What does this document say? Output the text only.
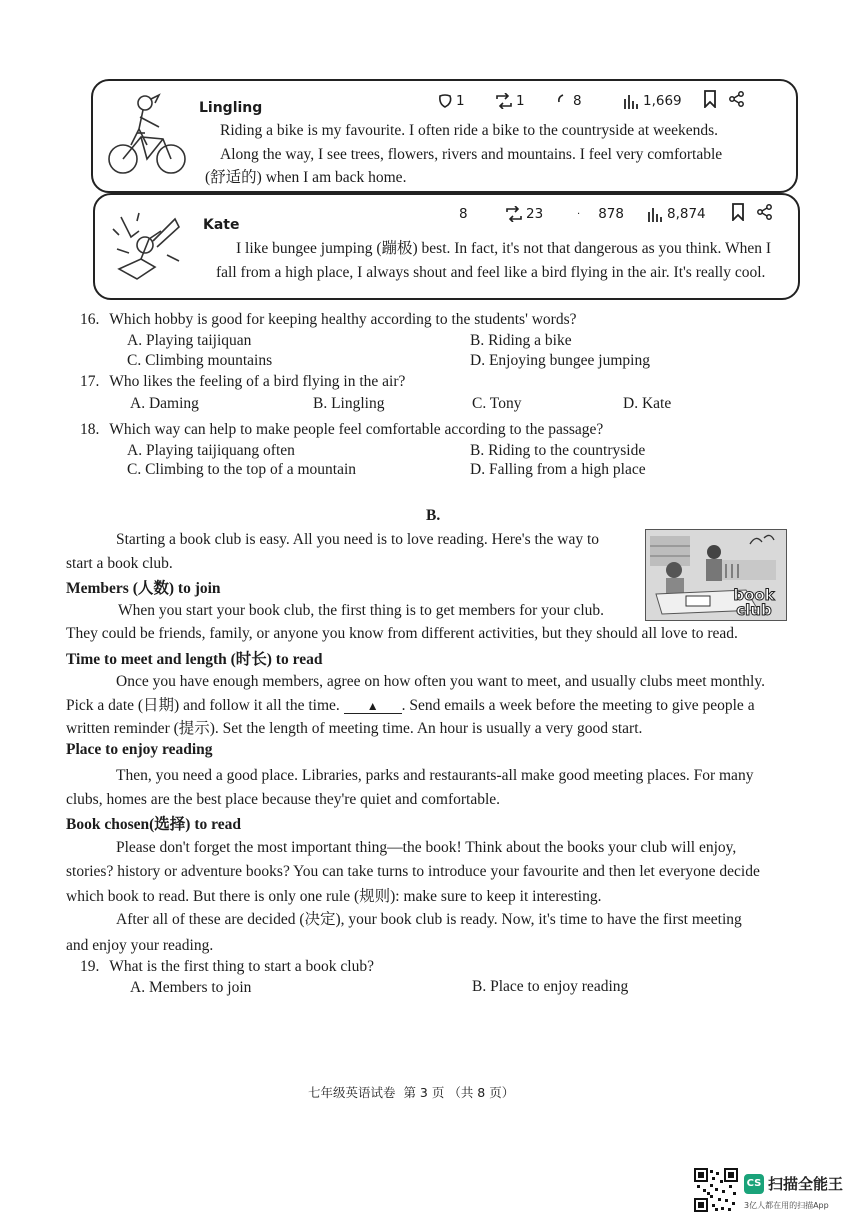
Lingling	1	1	8	1,669
Riding a bike is my favourite. I often ride a bike to the countryside at weekends.
Along the way, I see trees, flowers, rivers and mountains. I feel very comfortable
(舒适的) when I am back home.
Kate
8	23	· 878	8,874
I like bungee jumping (蹦极) best. In fact, it's not that dangerous as you think. When I
fall from a high place, I always shout and feel like a bird flying in the air. It's really cool.
16. Which hobby is good for keeping healthy according to the students' words?
A. Playing taijiquan	B. Riding a bike
C. Climbing mountains	D. Enjoying bungee jumping
17. Who likes the feeling of a bird flying in the air?
A. Daming	B. Lingling	C. Tony	D. Kate
18. Which way can help to make people feel comfortable according to the passage?
A. Playing taijiquang often	B. Riding to the countryside
C. Climbing to the top of a mountain	D. Falling from a high place
B.
Starting a book club is easy. All you need is to love reading. Here's the way to
start a book club.
book club
Members (人数) to join
When you start your book club, the first thing is to get members for your club.
They could be friends, family, or anyone you know from different activities, but they should all love to read.
Time to meet and length (时长) to read
Once you have enough members, agree on how often you want to meet, and usually clubs meet monthly.
Pick a date (日期) and follow it all the time. ▲ . Send emails a week before the meeting to give people a
written reminder (提示). Set the length of meeting time. An hour is usually a very good start.
Place to enjoy reading
Then, you need a good place. Libraries, parks and restaurants-all make good meeting places. For many
clubs, homes are the best place because they're quiet and comfortable.
Book chosen(选择) to read
Please don't forget the most important thing—the book! Think about the books your club will enjoy,
stories? history or adventure books? You can take turns to introduce your favourite and then let everyone decide
which book to read. But there is only one rule (规则): make sure to keep it interesting.
After all of these are decided (决定), your book club is ready. Now, it's time to have the first meeting
and enjoy your reading.
19. What is the first thing to start a book club?
A. Members to join	B. Place to enjoy reading
七年级英语试卷  第 3 页 （共 8 页）
CS 扫描全能王
3亿人都在用的扫描App
